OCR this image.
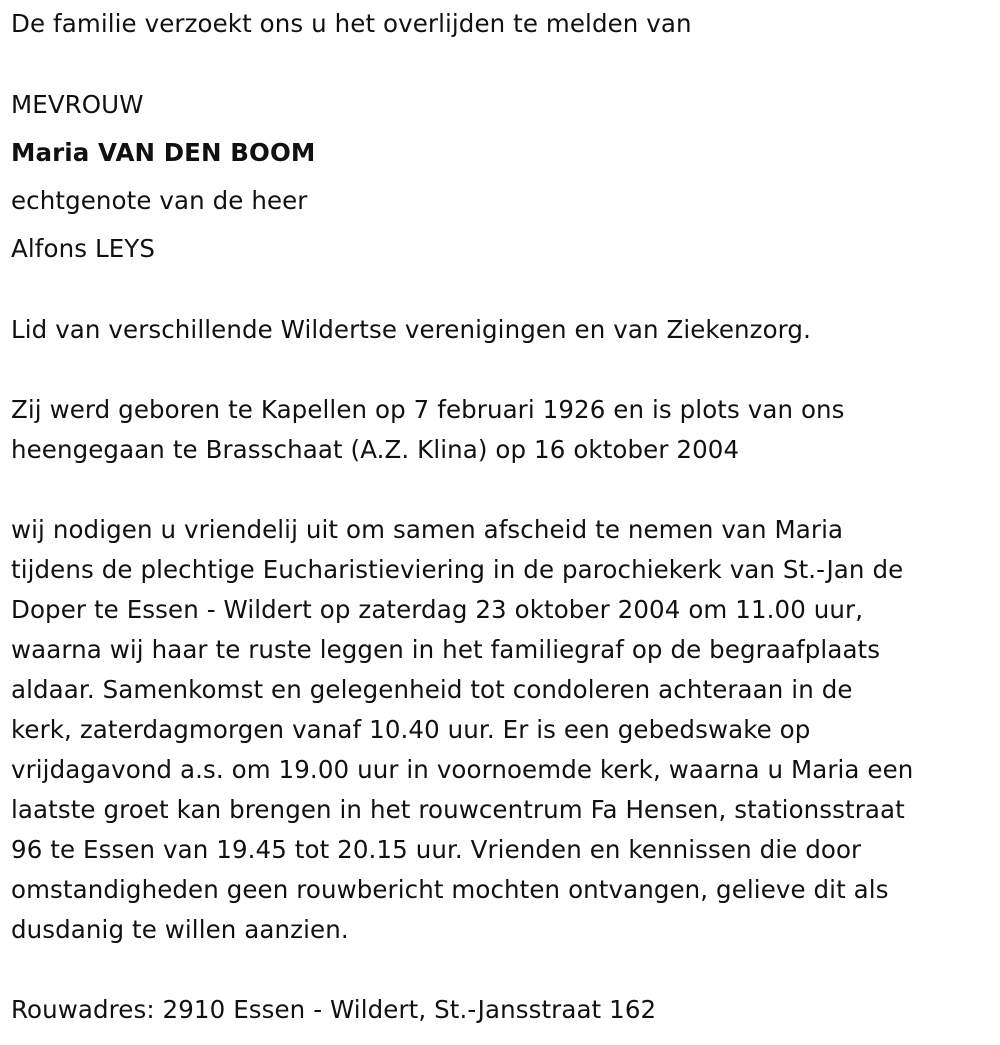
De familie verzoekt ons u het overlijden te melden van
MEVROUW
Maria VAN DEN BOOM
echtgenote van de heer
Alfons LEYS
Lid van verschillende Wildertse verenigingen en van Ziekenzorg.
Zij werd geboren te Kapellen op 7 februari 1926 en is plots van ons
heengegaan te Brasschaat (A.Z. Klina) op 16 oktober 2004
wij nodigen u vriendelij uit om samen afscheid te nemen van Maria
tijdens de plechtige Eucharistieviering in de parochiekerk van St.-Jan de
Doper te Essen - Wildert op zaterdag 23 oktober 2004 om 11.00 uur,
waarna wij haar te ruste leggen in het familiegraf op de begraafplaats
aldaar. Samenkomst en gelegenheid tot condoleren achteraan in de
kerk, zaterdagmorgen vanaf 10.40 uur. Er is een gebedswake op
vrijdagavond a.s. om 19.00 uur in voornoemde kerk, waarna u Maria een
laatste groet kan brengen in het rouwcentrum Fa Hensen, stationsstraat
96 te Essen van 19.45 tot 20.15 uur. Vrienden en kennissen die door
omstandigheden geen rouwbericht mochten ontvangen, gelieve dit als
dusdanig te willen aanzien.
Rouwadres: 2910 Essen - Wildert, St.-Jansstraat 162
